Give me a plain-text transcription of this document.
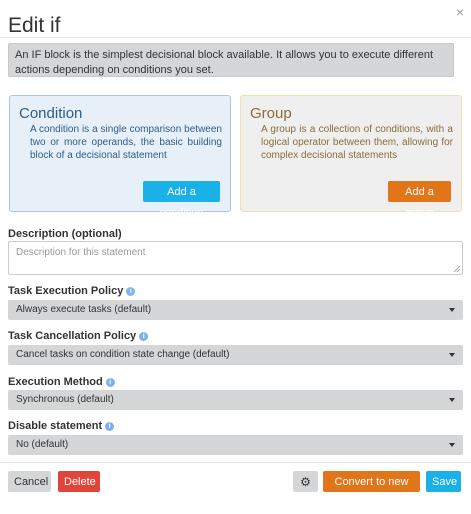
×
Edit if
An IF block is the simplest decisional block available. It allows you to execute different actions depending on conditions you set.
Condition

A condition is a single comparison between two or more operands, the basic building block of a decisional statement

Add a condition
Group

A group is a collection of conditions, with a logical operator between them, allowing for complex decisional statements

Add a group
Description (optional)
Description for this statement
Task Execution Policy i
Always execute tasks (default)
Task Cancellation Policy i
Cancel tasks on condition state change (default)
Execution Method i
Synchronous (default)
Disable statement i
No (default)
Cancel	Delete	⚙	Convert to new group
Save
